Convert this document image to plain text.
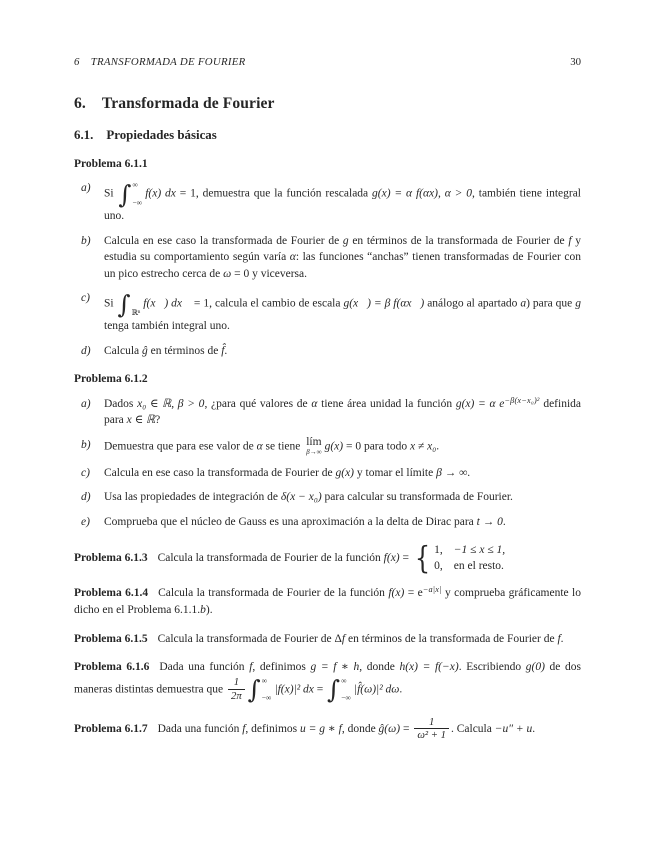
6 TRANSFORMADA DE FOURIER	30
6. Transformada de Fourier
6.1. Propiedades básicas
Problema 6.1.1
a)	Si ∫ ∞
−∞
f(x) dx = 1, demuestra que la función rescalada g(x) = α f(αx), α > 0, también tiene integral uno.
b)	Calcula en ese caso la transformada de Fourier de g en términos de la transformada de Fourier de f y estudia su comportamiento según varía α: las funciones “anchas” tienen transformadas de Fourier con un pico estrecho cerca de ω = 0 y viceversa.
c)	Si ∫
ℝⁿ
f(x⃗) dx⃗ = 1, calcula el cambio de escala g(x⃗) = β f(αx⃗) análogo al apartado a) para que g tenga también integral uno.
d)	Calcula ĝ en términos de f̂.
Problema 6.1.2
a)	Dados x₀ ∈ ℝ, β > 0, ¿para qué valores de α tiene área unidad la función g(x) = α $e^{-\beta(x-x_0)^2}$ definida para x ∈ ℝ?
b)	Demuestra que para ese valor de α se tiene lím
β→∞ g(x) = 0 para todo x ≠ x₀.
c)	Calcula en ese caso la transformada de Fourier de g(x) y tomar el límite β → ∞.
d)	Usa las propiedades de integración de δ(x − x₀) para calcular su transformada de Fourier.
e)	Comprueba que el núcleo de Gauss es una aproximación a la delta de Dirac para t → 0.

Problema 6.1.3 Calcula la transformada de Fourier de la función f(x) = { 1, −1 ≤ x ≤ 1,
0, en el resto.

Problema 6.1.4 Calcula la transformada de Fourier de la función $f(x) = e^{-a|x|}$ y comprueba gráficamente lo dicho en el Problema 6.1.1.b).

Problema 6.1.5 Calcula la transformada de Fourier de Δf en términos de la transformada de Fourier de f.

Problema 6.1.6 Dada una función f, definimos g = f ∗ h, donde h(x) = f(−x). Escribiendo g(0) de dos maneras distintas demuestra que $\frac{1}{2\pi}$ ∫ ∞
−∞
|f(x)|² dx = ∫ ∞
−∞
|f̂(ω)|² dω.

Problema 6.1.7 Dada una función f, definimos u = g ∗ f, donde ĝ(ω) = $\frac{1}{\text{ω² + 1}}$ . Calcula −u″ + u.
